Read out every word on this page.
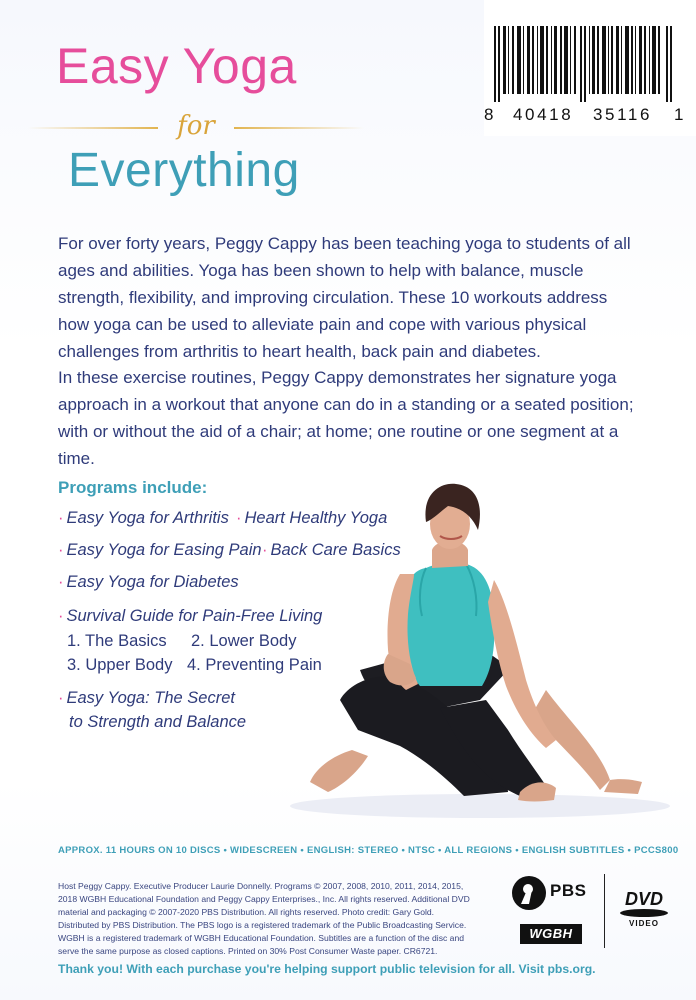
Easy Yoga
for
Everything
8 40418 35116 1

For over forty years, Peggy Cappy has been teaching yoga to students of all ages and abilities. Yoga has been shown to help with balance, muscle strength, flexibility, and improving circulation. These 10 workouts address how yoga can be used to alleviate pain and cope with various physical challenges from arthritis to heart health, back pain and diabetes.

In these exercise routines, Peggy Cappy demonstrates her signature yoga approach in a workout that anyone can do in a standing or a seated position; with or without the aid of a chair; at home; one routine or one segment at a time.

Programs include:
· Easy Yoga for Arthritis · Heart Healthy Yoga
· Easy Yoga for Easing Pain · Back Care Basics
· Easy Yoga for Diabetes
· Survival Guide for Pain-Free Living
1. The Basics 2. Lower Body
3. Upper Body 4. Preventing Pain
· Easy Yoga: The Secret
to Strength and Balance
APPROX. 11 HOURS ON 10 DISCS • WIDESCREEN • ENGLISH: STEREO • NTSC • ALL REGIONS • ENGLISH SUBTITLES • PCCS800

Host Peggy Cappy. Executive Producer Laurie Donnelly. Programs © 2007, 2008, 2010, 2011, 2014, 2015, 2018 WGBH Educational Foundation and Peggy Cappy Enterprises., Inc. All rights reserved. Additional DVD material and packaging © 2007-2020 PBS Distribution. All rights reserved. Photo credit: Gary Gold. Distributed by PBS Distribution. The PBS logo is a registered trademark of the Public Broadcasting Service. WGBH is a registered trademark of WGBH Educational Foundation. Subtitles are a function of the disc and serve the same purpose as closed captions. Printed on 30% Post Consumer Waste paper. CR6721.

PBS
WGBH
DVD
VIDEO
Thank you! With each purchase you're helping support public television for all. Visit pbs.org.
